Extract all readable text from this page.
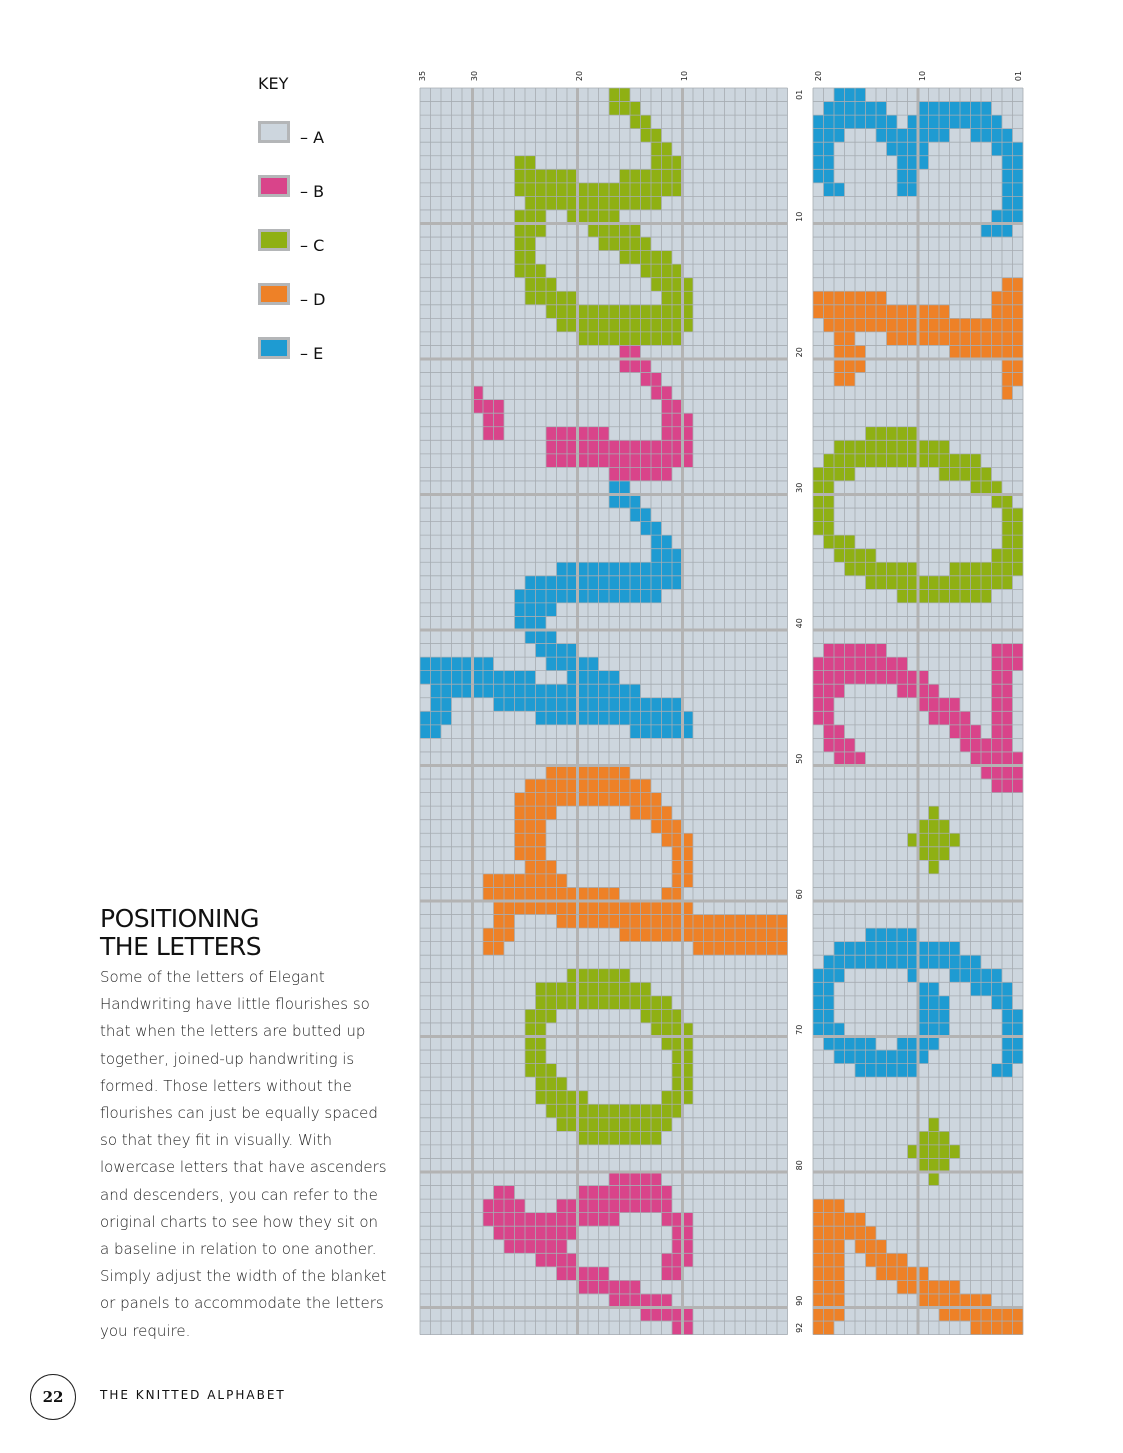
KEY
– A
– B
– C
– D
– E
35	30	20	10	20	10	01
01
10
20
30
40
50
60
70
80
90
92
POSITIONING
THE LETTERS
Some of the letters of Elegant Handwriting have little flourishes so that when the letters are butted up together, joined-up handwriting is formed. Those letters without the flourishes can just be equally spaced so that they fit in visually. With lowercase letters that have ascenders and descenders, you can refer to the original charts to see how they sit on a baseline in relation to one another. Simply adjust the width of the blanket or panels to accommodate the letters you require.
22	THE KNITTED ALPHABET
